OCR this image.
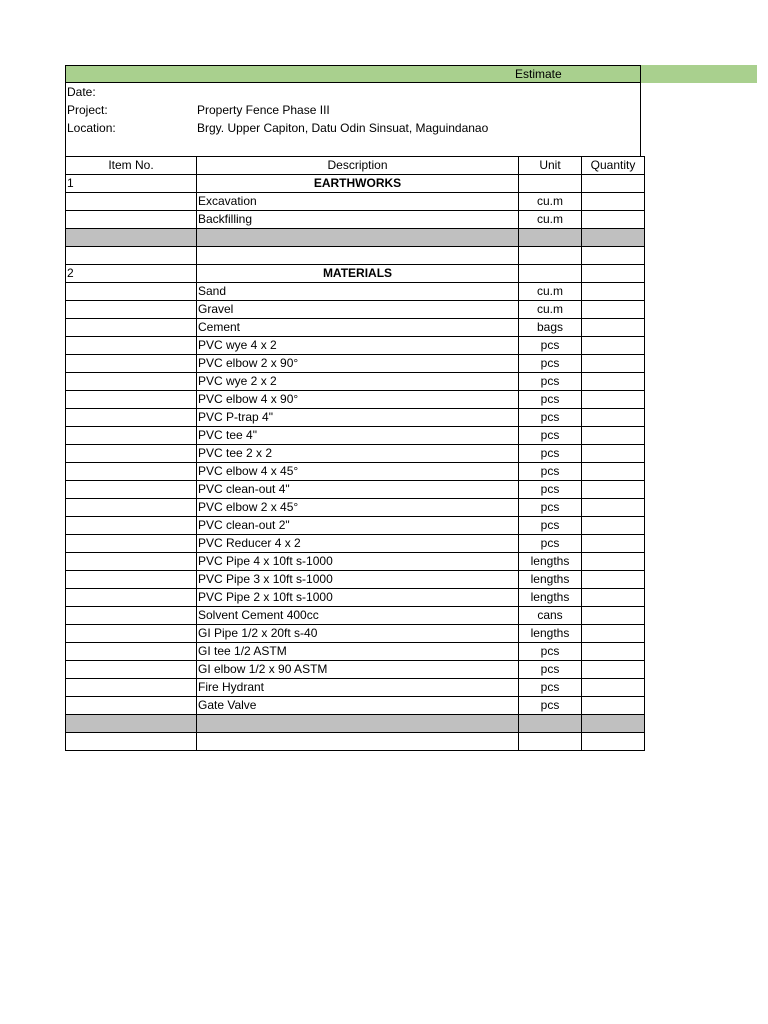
Estimate
Date:
Project:	Property Fence Phase III
Location:	Brgy. Upper Capiton, Datu Odin Sinsuat, Maguindanao
Item No.	Description	Unit	Quantity
1	EARTHWORKS		
	Excavation	cu.m	
	Backfilling	cu.m	

2	MATERIALS		
	Sand	cu.m	
	Gravel	cu.m	
	Cement	bags	
	PVC wye 4 x 2	pcs	
	PVC elbow 2 x 90°	pcs	
	PVC wye 2 x 2	pcs	
	PVC elbow 4 x 90°	pcs	
	PVC P-trap 4"	pcs	
	PVC tee 4"	pcs	
	PVC tee 2 x 2	pcs	
	PVC elbow 4 x 45°	pcs	
	PVC clean-out 4"	pcs	
	PVC elbow 2 x 45°	pcs	
	PVC clean-out 2"	pcs	
	PVC Reducer 4 x 2	pcs	
	PVC Pipe 4 x 10ft s-1000	lengths	
	PVC Pipe 3 x 10ft s-1000	lengths	
	PVC Pipe 2 x 10ft s-1000	lengths	
	Solvent Cement 400cc	cans	
	GI Pipe 1/2 x 20ft s-40	lengths	
	GI tee 1/2 ASTM	pcs	
	GI elbow 1/2 x 90 ASTM	pcs	
	Fire Hydrant	pcs	
	Gate Valve	pcs	
